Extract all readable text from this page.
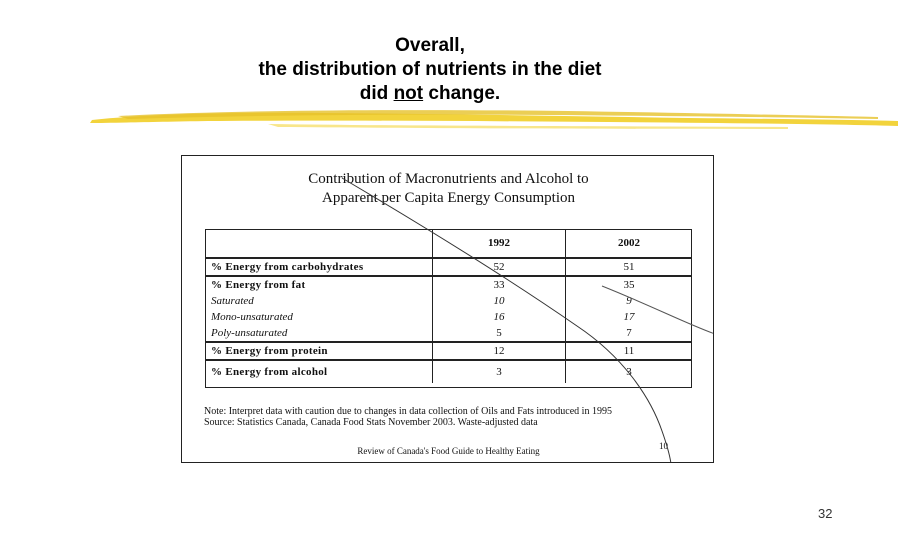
Overall,
the distribution of nutrients in the diet
did not change.
Contribution of Macronutrients and Alcohol to
Apparent per Capita Energy Consumption
	1992	2002
% Energy from carbohydrates	52	51
% Energy from fat	33	35
Saturated	10	9
Mono-unsaturated	16	17
Poly-unsaturated	5	7
% Energy from protein	12	11
% Energy from alcohol	3	3
Note: Interpret data with caution due to changes in data collection of Oils and Fats introduced in 1995
Source: Statistics Canada, Canada Food Stats November 2003. Waste-adjusted data
Review of Canada's Food Guide to Healthy Eating	10
32
